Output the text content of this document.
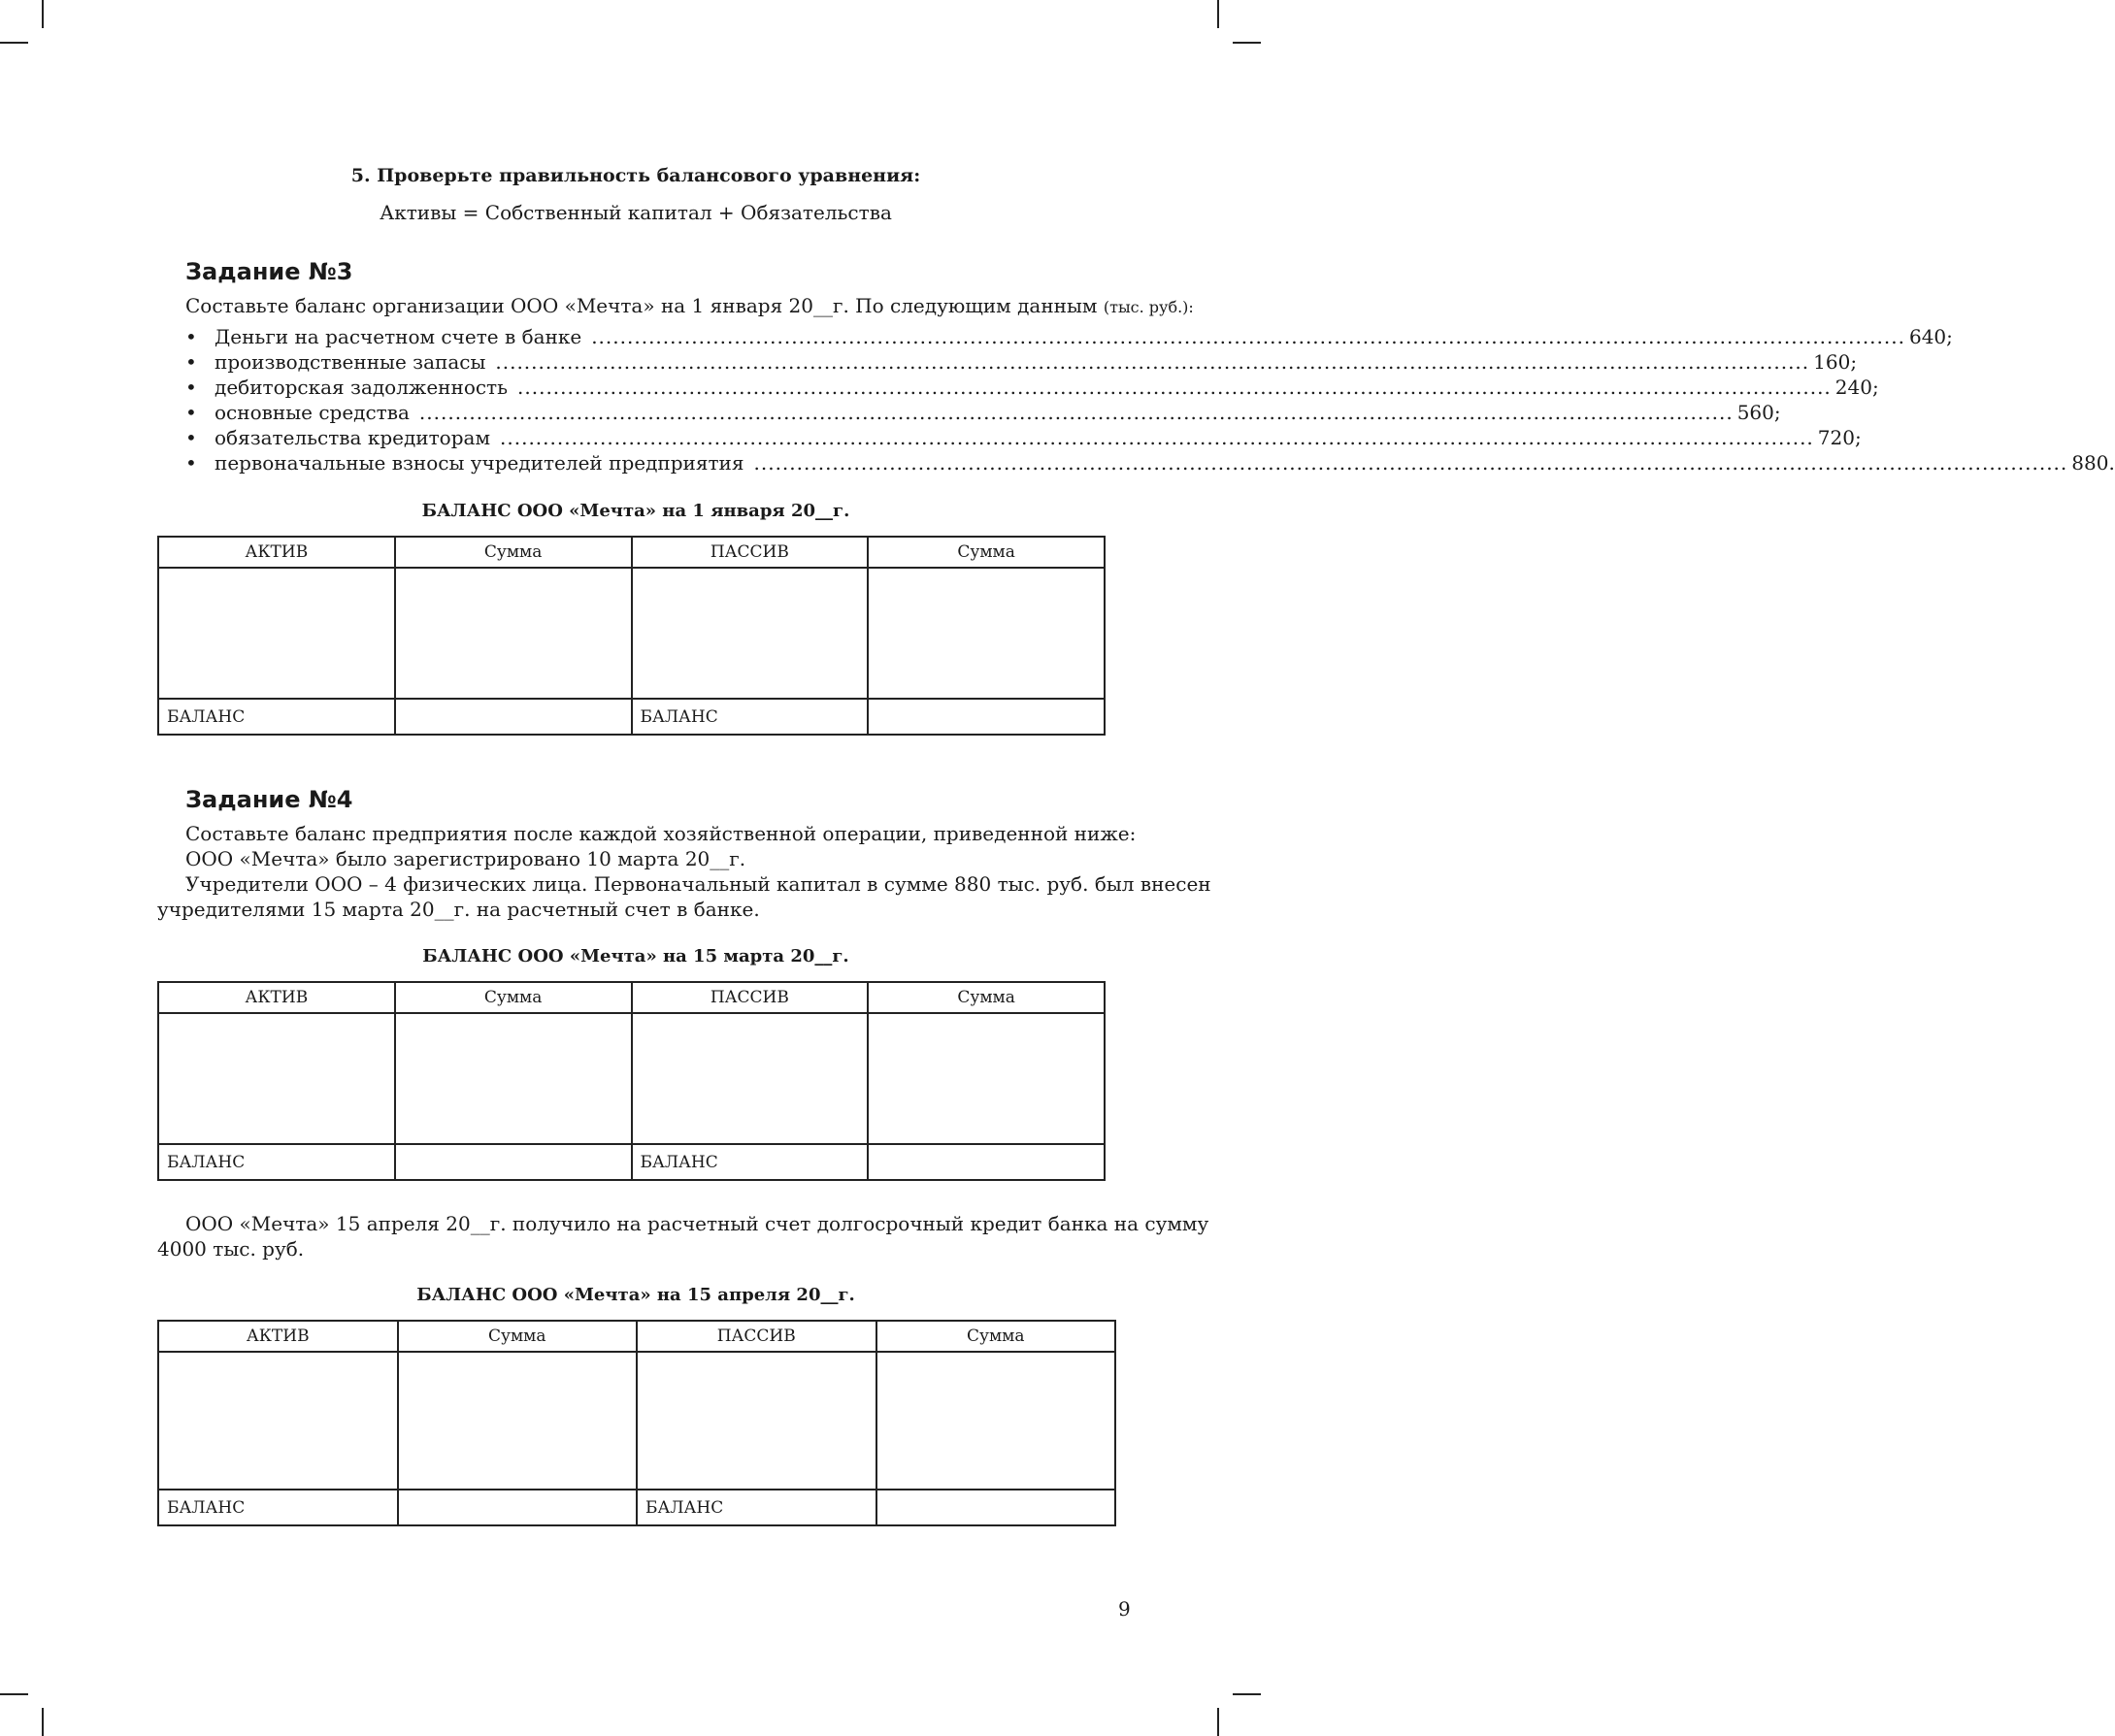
5. Проверьте правильность балансового уравнения:
Активы = Собственный капитал + Обязательства
Задание №3
Составьте баланс организации ООО «Мечта» на 1 января 20__г. По следующим данным (тыс. руб.):
• Деньги на расчетном счете в банке ........................................................................................................................................................................................ 640;
• производственные запасы ........................................................................................................................................................................................ 160;
• дебиторская задолженность ........................................................................................................................................................................................ 240;
• основные средства ........................................................................................................................................................................................ 560;
• обязательства кредиторам ........................................................................................................................................................................................ 720;
• первоначальные взносы учредителей предприятия ........................................................................................................................................................................................ 880.
БАЛАНС ООО «Мечта» на 1 января 20__г.
АКТИВ	Сумма	ПАССИВ	Сумма

БАЛАНС		БАЛАНС	
Задание №4
Составьте баланс предприятия после каждой хозяйственной операции, приведенной ниже:
ООО «Мечта» было зарегистрировано 10 марта 20__г.
Учредители ООО – 4 физических лица. Первоначальный капитал в сумме 880 тыс. руб. был внесен
учредителями 15 марта 20__г. на расчетный счет в банке.
БАЛАНС ООО «Мечта» на 15 марта 20__г.
АКТИВ	Сумма	ПАССИВ	Сумма

БАЛАНС		БАЛАНС	
ООО «Мечта» 15 апреля 20__г. получило на расчетный счет долгосрочный кредит банка на сумму
4000 тыс. руб.
БАЛАНС ООО «Мечта» на 15 апреля 20__г.
АКТИВ	Сумма	ПАССИВ	Сумма

БАЛАНС		БАЛАНС	
9
